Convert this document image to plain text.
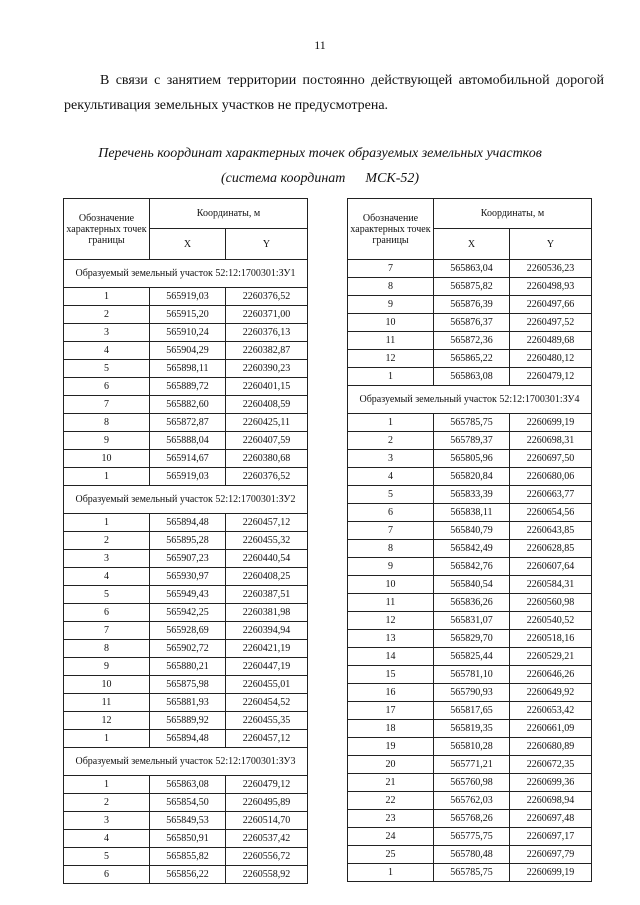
11
В связи с занятием территории постоянно действующей автомобильной дорогой рекультивация земельных участков не предусмотрена.
Перечень координат характерных точек образуемых земельных участков
(система координат МСК-52)
Обозначение характерных точек границы	Координаты, м	
	X	Y
Образуемый земельный участок 52:12:1700301:ЗУ1		
1	565919,03	2260376,52
2	565915,20	2260371,00
3	565910,24	2260376,13
4	565904,29	2260382,87
5	565898,11	2260390,23
6	565889,72	2260401,15
7	565882,60	2260408,59
8	565872,87	2260425,11
9	565888,04	2260407,59
10	565914,67	2260380,68
1	565919,03	2260376,52
Образуемый земельный участок 52:12:1700301:ЗУ2		
1	565894,48	2260457,12
2	565895,28	2260455,32
3	565907,23	2260440,54
4	565930,97	2260408,25
5	565949,43	2260387,51
6	565942,25	2260381,98
7	565928,69	2260394,94
8	565902,72	2260421,19
9	565880,21	2260447,19
10	565875,98	2260455,01
11	565881,93	2260454,52
12	565889,92	2260455,35
1	565894,48	2260457,12
Образуемый земельный участок 52:12:1700301:ЗУ3		
1	565863,08	2260479,12
2	565854,50	2260495,89
3	565849,53	2260514,70
4	565850,91	2260537,42
5	565855,82	2260556,72
6	565856,22	2260558,92
Обозначение характерных точек границы	Координаты, м	
	X	Y
7	565863,04	2260536,23
8	565875,82	2260498,93
9	565876,39	2260497,66
10	565876,37	2260497,52
11	565872,36	2260489,68
12	565865,22	2260480,12
1	565863,08	2260479,12
Образуемый земельный участок 52:12:1700301:ЗУ4		
1	565785,75	2260699,19
2	565789,37	2260698,31
3	565805,96	2260697,50
4	565820,84	2260680,06
5	565833,39	2260663,77
6	565838,11	2260654,56
7	565840,79	2260643,85
8	565842,49	2260628,85
9	565842,76	2260607,64
10	565840,54	2260584,31
11	565836,26	2260560,98
12	565831,07	2260540,52
13	565829,70	2260518,16
14	565825,44	2260529,21
15	565781,10	2260646,26
16	565790,93	2260649,92
17	565817,65	2260653,42
18	565819,35	2260661,09
19	565810,28	2260680,89
20	565771,21	2260672,35
21	565760,98	2260699,36
22	565762,03	2260698,94
23	565768,26	2260697,48
24	565775,75	2260697,17
25	565780,48	2260697,79
1	565785,75	2260699,19
